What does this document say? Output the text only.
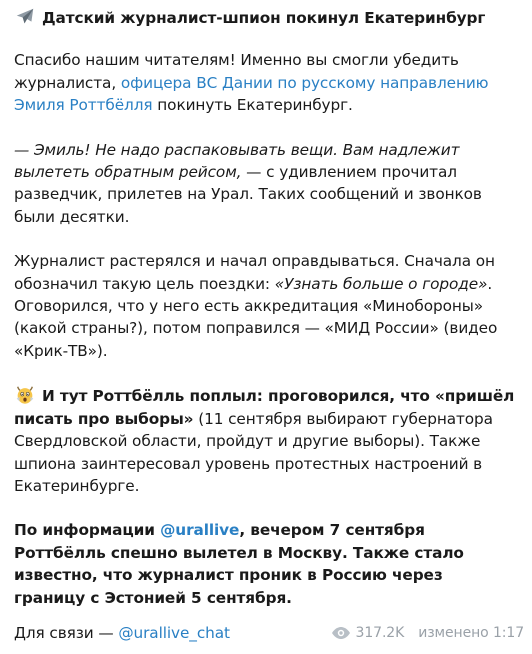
Датский журналист-шпион покинул Екатеринбург

Спасибо нашим читателям! Именно вы смогли убедить журналиста, офицера ВС Дании по русскому направлению Эмиля Роттбёлля покинуть Екатеринбург.

— Эмиль! Не надо распаковывать вещи. Вам надлежит вылететь обратным рейсом, — с удивлением прочитал разведчик, прилетев на Урал. Таких сообщений и звонков были десятки.

Журналист растерялся и начал оправдываться. Сначала он обозначил такую цель поездки: «Узнать больше о городе». Оговорился, что у него есть аккредитация «Минобороны» (какой страны?), потом поправился — «МИД России» (видео «Крик-ТВ»).

И тут Роттбёлль поплыл: проговорился, что «пришёл писать про выборы» (11 сентября выбирают губернатора Свердловской области, пройдут и другие выборы). Также шпиона заинтересовал уровень протестных настроений в Екатеринбурге.

По информации @urallive, вечером 7 сентября Роттбёлль спешно вылетел в Москву. Также стало известно, что журналист проник в Россию через границу с Эстонией 5 сентября.

Для связи — @urallive_chat	317.2K изменено 1:17
